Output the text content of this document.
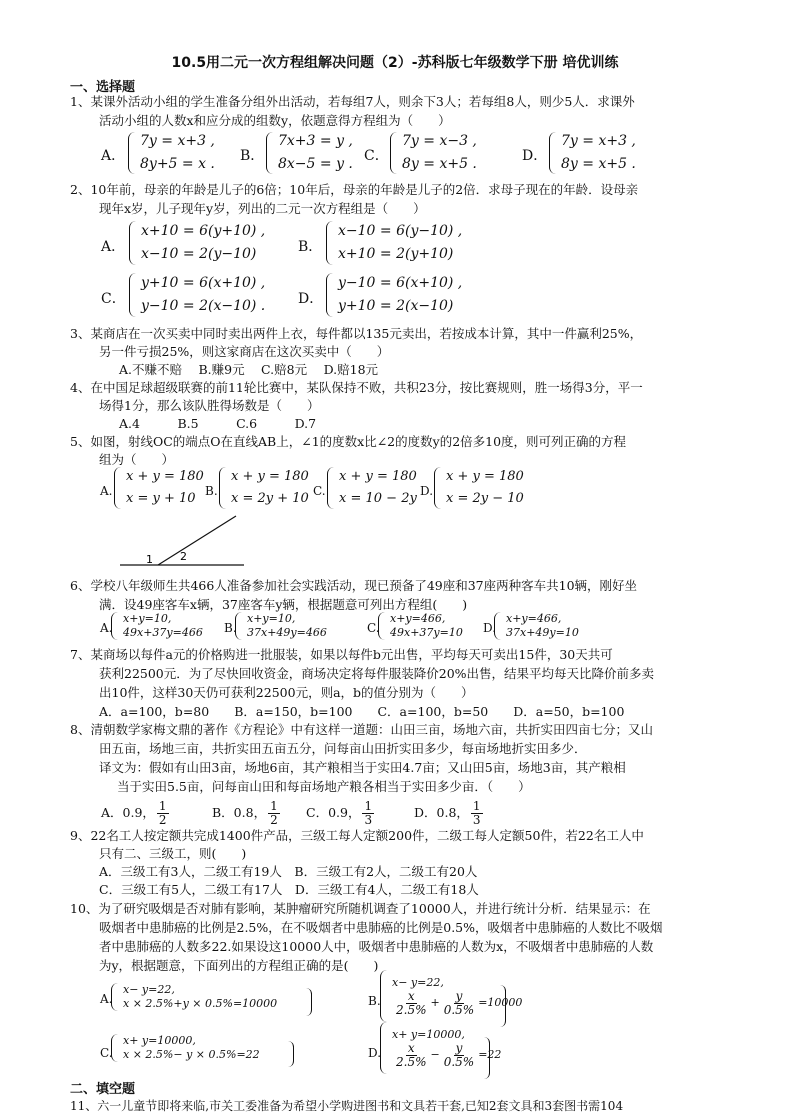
10.5用二元一次方程组解决问题（2）-苏科版七年级数学下册 培优训练
一、选择题
1、某课外活动小组的学生准备分组外出活动，若每组7人，则余下3人；若每组8人，则少5人．求课外
活动小组的人数x和应分成的组数y，依题意得方程组为（　　）
A．
7y = x+3 ,
8y+5 = x . B．
7x+3 = y ,
8x−5 = y . C．
7y = x−3 ,
8y = x+5 .	D．
7y = x+3 ,
8y = x+5 .
2、10年前，母亲的年龄是儿子的6倍；10年后，母亲的年龄是儿子的2倍．求母子现在的年龄．设母亲
现年x岁，儿子现年y岁，列出的二元一次方程组是（　　）
A．
x+10 = 6(y+10) ,
x−10 = 2(y−10)	B．
x−10 = 6(y−10) ,
x+10 = 2(y+10)
C．
y+10 = 6(x+10) ,
y−10 = 2(x−10) . D．
y−10 = 6(x+10) ,
y+10 = 2(x−10)
3、某商店在一次买卖中同时卖出两件上衣，每件都以135元卖出，若按成本计算，其中一件赢利25%，
另一件亏损25%，则这家商店在这次买卖中（　　）
A.不赚不赔　 B.赚9元　 C.赔8元　 D.赔18元
4、在中国足球超级联赛的前11轮比赛中，某队保持不败，共积23分，按比赛规则，胜一场得3分，平一
场得1分，那么该队胜得场数是（　　）
A.4　　　B.5　　　C.6　　　D.7
5、如图，射线OC的端点O在直线AB上，∠1的度数x比∠2的度数y的2倍多10度，则可列正确的方程
组为（　　）
A.
x + y = 180
x = y + 10 B.
x + y = 180
x = 2y + 10 C.
x + y = 180
x = 10 − 2y D.
x + y = 180
x = 2y − 10
1 2
6、学校八年级师生共466人准备参加社会实践活动，现已预备了49座和37座两种客车共10辆，刚好坐
满．设49座客车x辆，37座客车y辆，根据题意可列出方程组(　　)
A.
x+y=10,
49x+37y=466 B.
x+y=10,
37x+49y=466	C.
x+y=466,
49x+37y=10 D.
x+y=466,
37x+49y=10
7、某商场以每件a元的价格购进一批服装，如果以每件b元出售，平均每天可卖出15件，30天共可
获利22500元．为了尽快回收资金，商场决定将每件服装降价20%出售，结果平均每天比降价前多卖
出10件，这样30天仍可获利22500元，则a，b的值分别为（　　）
A．a=100，b=80　　B．a=150，b=100　　C．a=100，b=50　　D．a=50，b=100
8、清朝数学家梅文鼎的著作《方程论》中有这样一道题：山田三亩，场地六亩，共折实田四亩七分；又山
田五亩，场地三亩，共折实田五亩五分，问每亩山田折实田多少，每亩场地折实田多少．
译文为：假如有山田3亩，场地6亩，其产粮相当于实田4.7亩；又山田5亩，场地3亩，其产粮相
当于实田5.5亩，问每亩山田和每亩场地产粮各相当于实田多少亩．（　　）
A．0.9， $\frac{1}{2}$	B．0.8， $\frac{1}{2}$ C．0.9， $\frac{1}{3}$	D．0.8， $\frac{1}{3}$
9、22名工人按定额共完成1400件产品，三级工每人定额200件，二级工每人定额50件，若22名工人中
只有二、三级工，则(　　)
A．三级工有3人，二级工有19人　B．三级工有2人，二级工有20人
C．三级工有5人，二级工有17人　D．三级工有4人，二级工有18人
10、为了研究吸烟是否对肺有影响，某肿瘤研究所随机调查了10000人，并进行统计分析．结果显示：在
吸烟者中患肺癌的比例是2.5%，在不吸烟者中患肺癌的比例是0.5%，吸烟者中患肺癌的人数比不吸烟
者中患肺癌的人数多22.如果设这10000人中，吸烟者中患肺癌的人数为x，不吸烟者中患肺癌的人数
为y，根据题意，下面列出的方程组正确的是(　　)
A.
x− y=22,
x × 2.5%+y × 0.5%=10000	B.
x− y=22,
$\frac{x}{2.5\%} + \frac{y}{0.5\%} =10000$
C.
x+ y=10000,
x × 2.5%− y × 0.5%=22	D.
x+ y=10000,
$\frac{x}{2.5\%} - \frac{y}{0.5\%} =22$
二、填空题
11、六一儿童节即将来临,市关工委准备为希望小学购进图书和文具若干套,已知2套文具和3套图书需104
